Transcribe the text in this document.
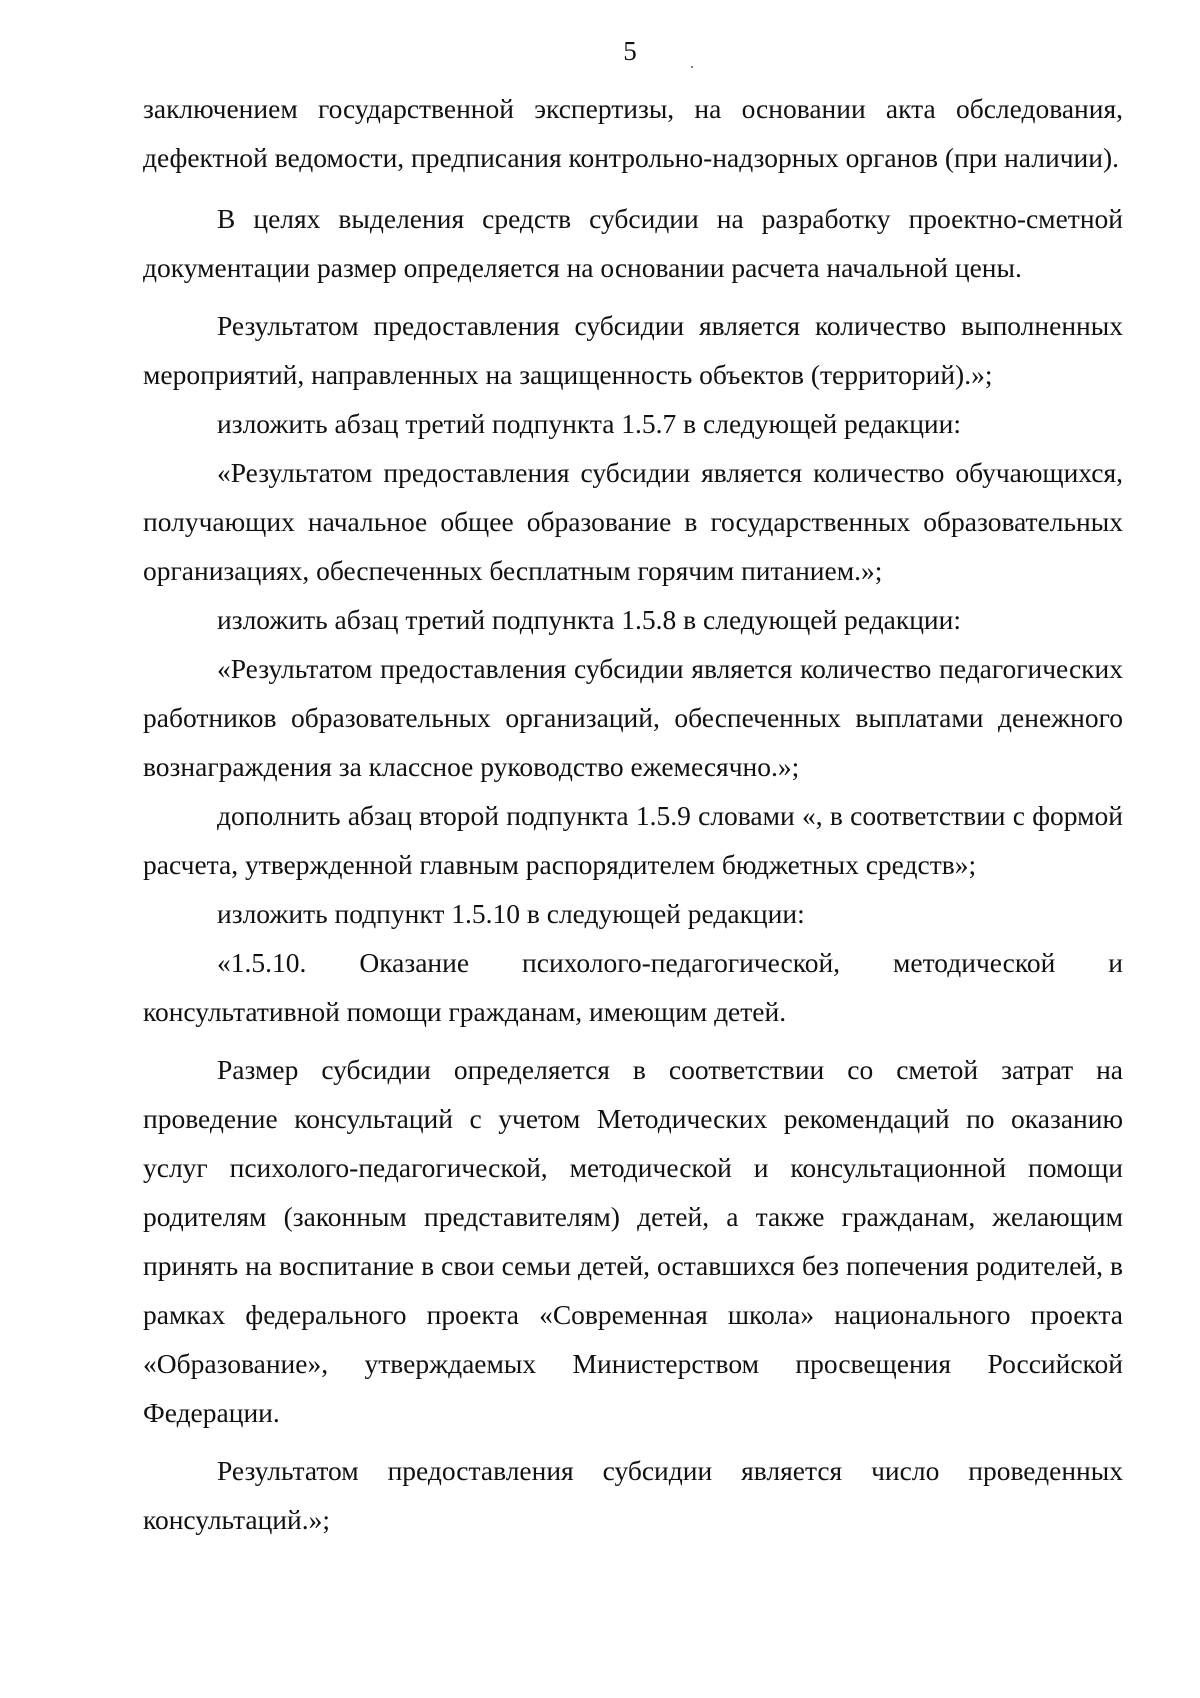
5

заключением государственной экспертизы, на основании акта обследования, дефектной ведомости, предписания контрольно-надзорных органов (при наличии).

В целях выделения средств субсидии на разработку проектно-сметной документации размер определяется на основании расчета начальной цены.

Результатом предоставления субсидии является количество выполненных мероприятий, направленных на защищенность объектов (территорий).»;

изложить абзац третий подпункта 1.5.7 в следующей редакции:

«Результатом предоставления субсидии является количество обучающихся, получающих начальное общее образование в государственных образовательных организациях, обеспеченных бесплатным горячим питанием.»;

изложить абзац третий подпункта 1.5.8 в следующей редакции:

«Результатом предоставления субсидии является количество педагогических работников образовательных организаций, обеспеченных выплатами денежного вознаграждения за классное руководство ежемесячно.»;

дополнить абзац второй подпункта 1.5.9 словами «, в соответствии с формой расчета, утвержденной главным распорядителем бюджетных средств»;

изложить подпункт 1.5.10 в следующей редакции:

«1.5.10. Оказание психолого-педагогической, методической и консультативной помощи гражданам, имеющим детей.

Размер субсидии определяется в соответствии со сметой затрат на проведение консультаций с учетом Методических рекомендаций по оказанию услуг психолого-педагогической, методической и консультационной помощи родителям (законным представителям) детей, а также гражданам, желающим принять на воспитание в свои семьи детей, оставшихся без попечения родителей, в рамках федерального проекта «Современная школа» национального проекта «Образование», утверждаемых Министерством просвещения Российской Федерации.

Результатом предоставления субсидии является число проведенных консультаций.»;
